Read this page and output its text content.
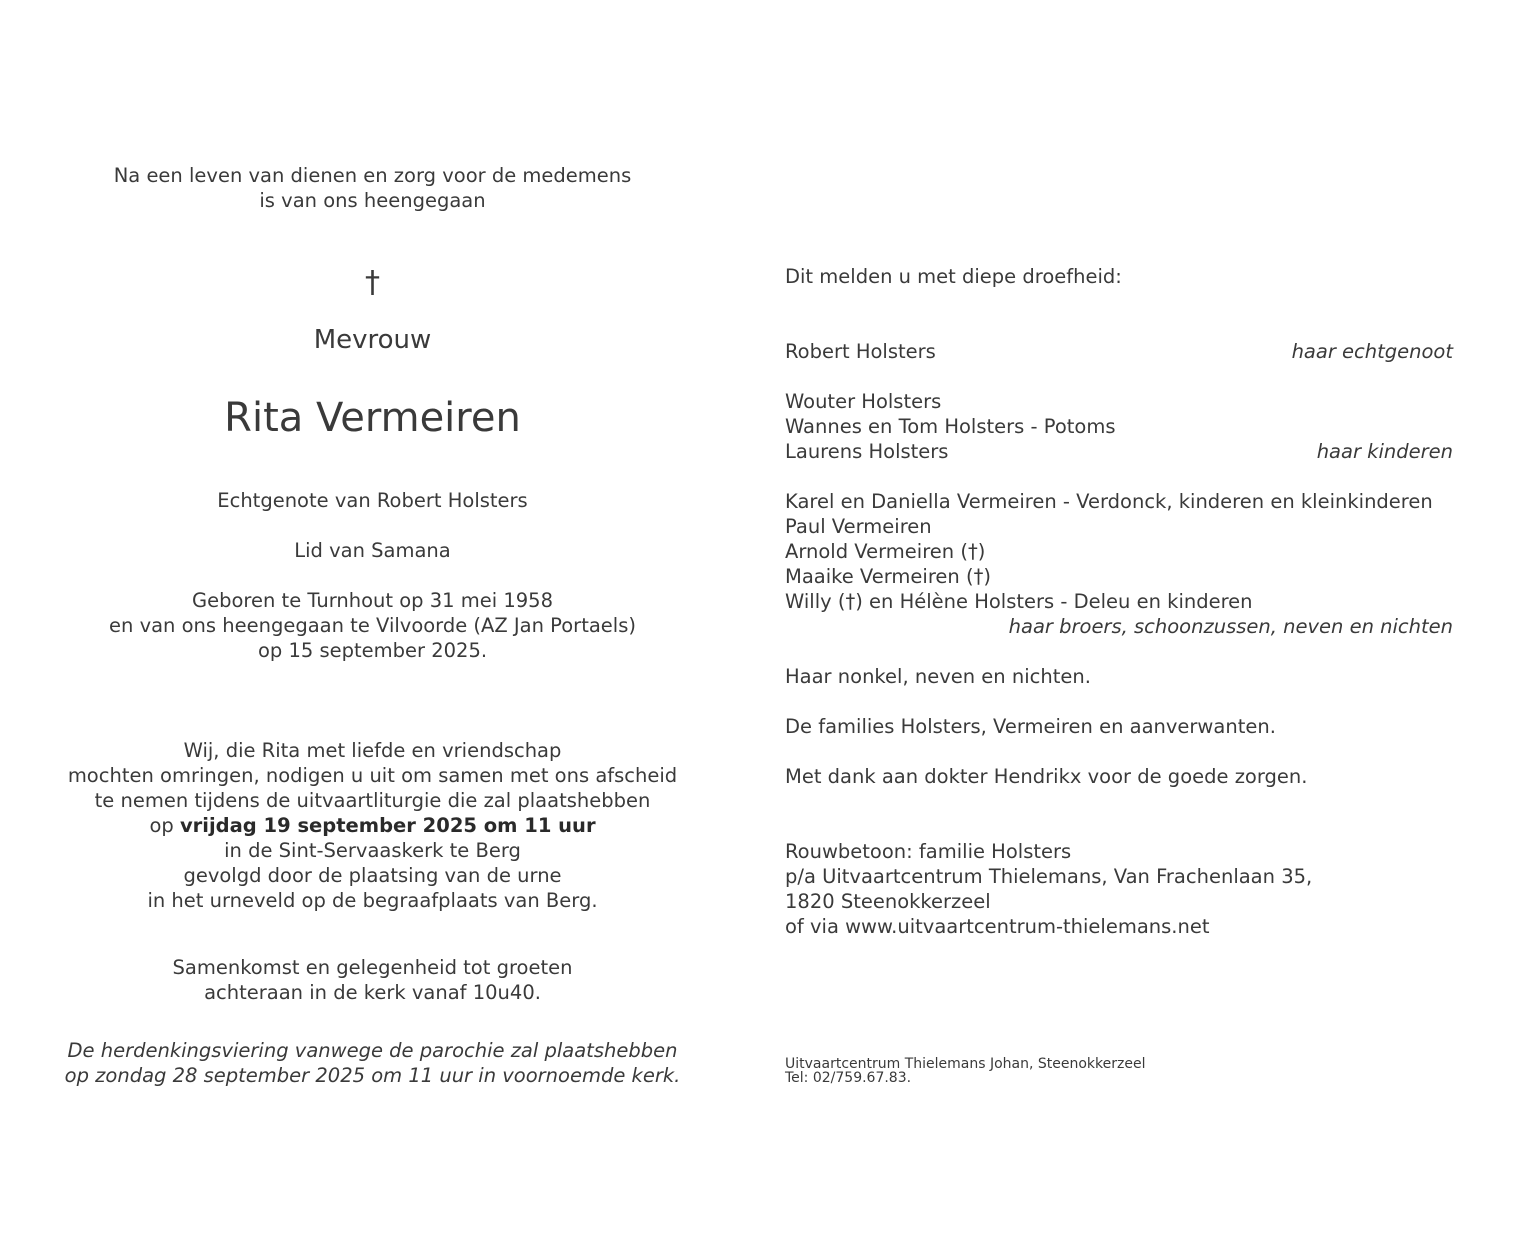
Na een leven van dienen en zorg voor de medemens
is van ons heengegaan
†
Mevrouw
Rita Vermeiren
Echtgenote van Robert Holsters
Lid van Samana
Geboren te Turnhout op 31 mei 1958
en van ons heengegaan te Vilvoorde (AZ Jan Portaels)
op 15 september 2025.
Wij, die Rita met liefde en vriendschap
mochten omringen, nodigen u uit om samen met ons afscheid
te nemen tijdens de uitvaartliturgie die zal plaatshebben
op vrijdag 19 september 2025 om 11 uur
in de Sint-Servaaskerk te Berg
gevolgd door de plaatsing van de urne
in het urneveld op de begraafplaats van Berg.
Samenkomst en gelegenheid tot groeten
achteraan in de kerk vanaf 10u40.
De herdenkingsviering vanwege de parochie zal plaatshebben
op zondag 28 september 2025 om 11 uur in voornoemde kerk.
Dit melden u met diepe droefheid:
Robert Holsters	haar echtgenoot
Wouter Holsters
Wannes en Tom Holsters - Potoms
Laurens Holsters	haar kinderen
Karel en Daniella Vermeiren - Verdonck, kinderen en kleinkinderen
Paul Vermeiren
Arnold Vermeiren (†)
Maaike Vermeiren (†)
Willy (†) en Hélène Holsters - Deleu en kinderen
haar broers, schoonzussen, neven en nichten
Haar nonkel, neven en nichten.
De families Holsters, Vermeiren en aanverwanten.
Met dank aan dokter Hendrikx voor de goede zorgen.
Rouwbetoon: familie Holsters
p/a Uitvaartcentrum Thielemans, Van Frachenlaan 35,
1820 Steenokkerzeel
of via www.uitvaartcentrum-thielemans.net
Uitvaartcentrum Thielemans Johan, Steenokkerzeel
Tel: 02/759.67.83.
